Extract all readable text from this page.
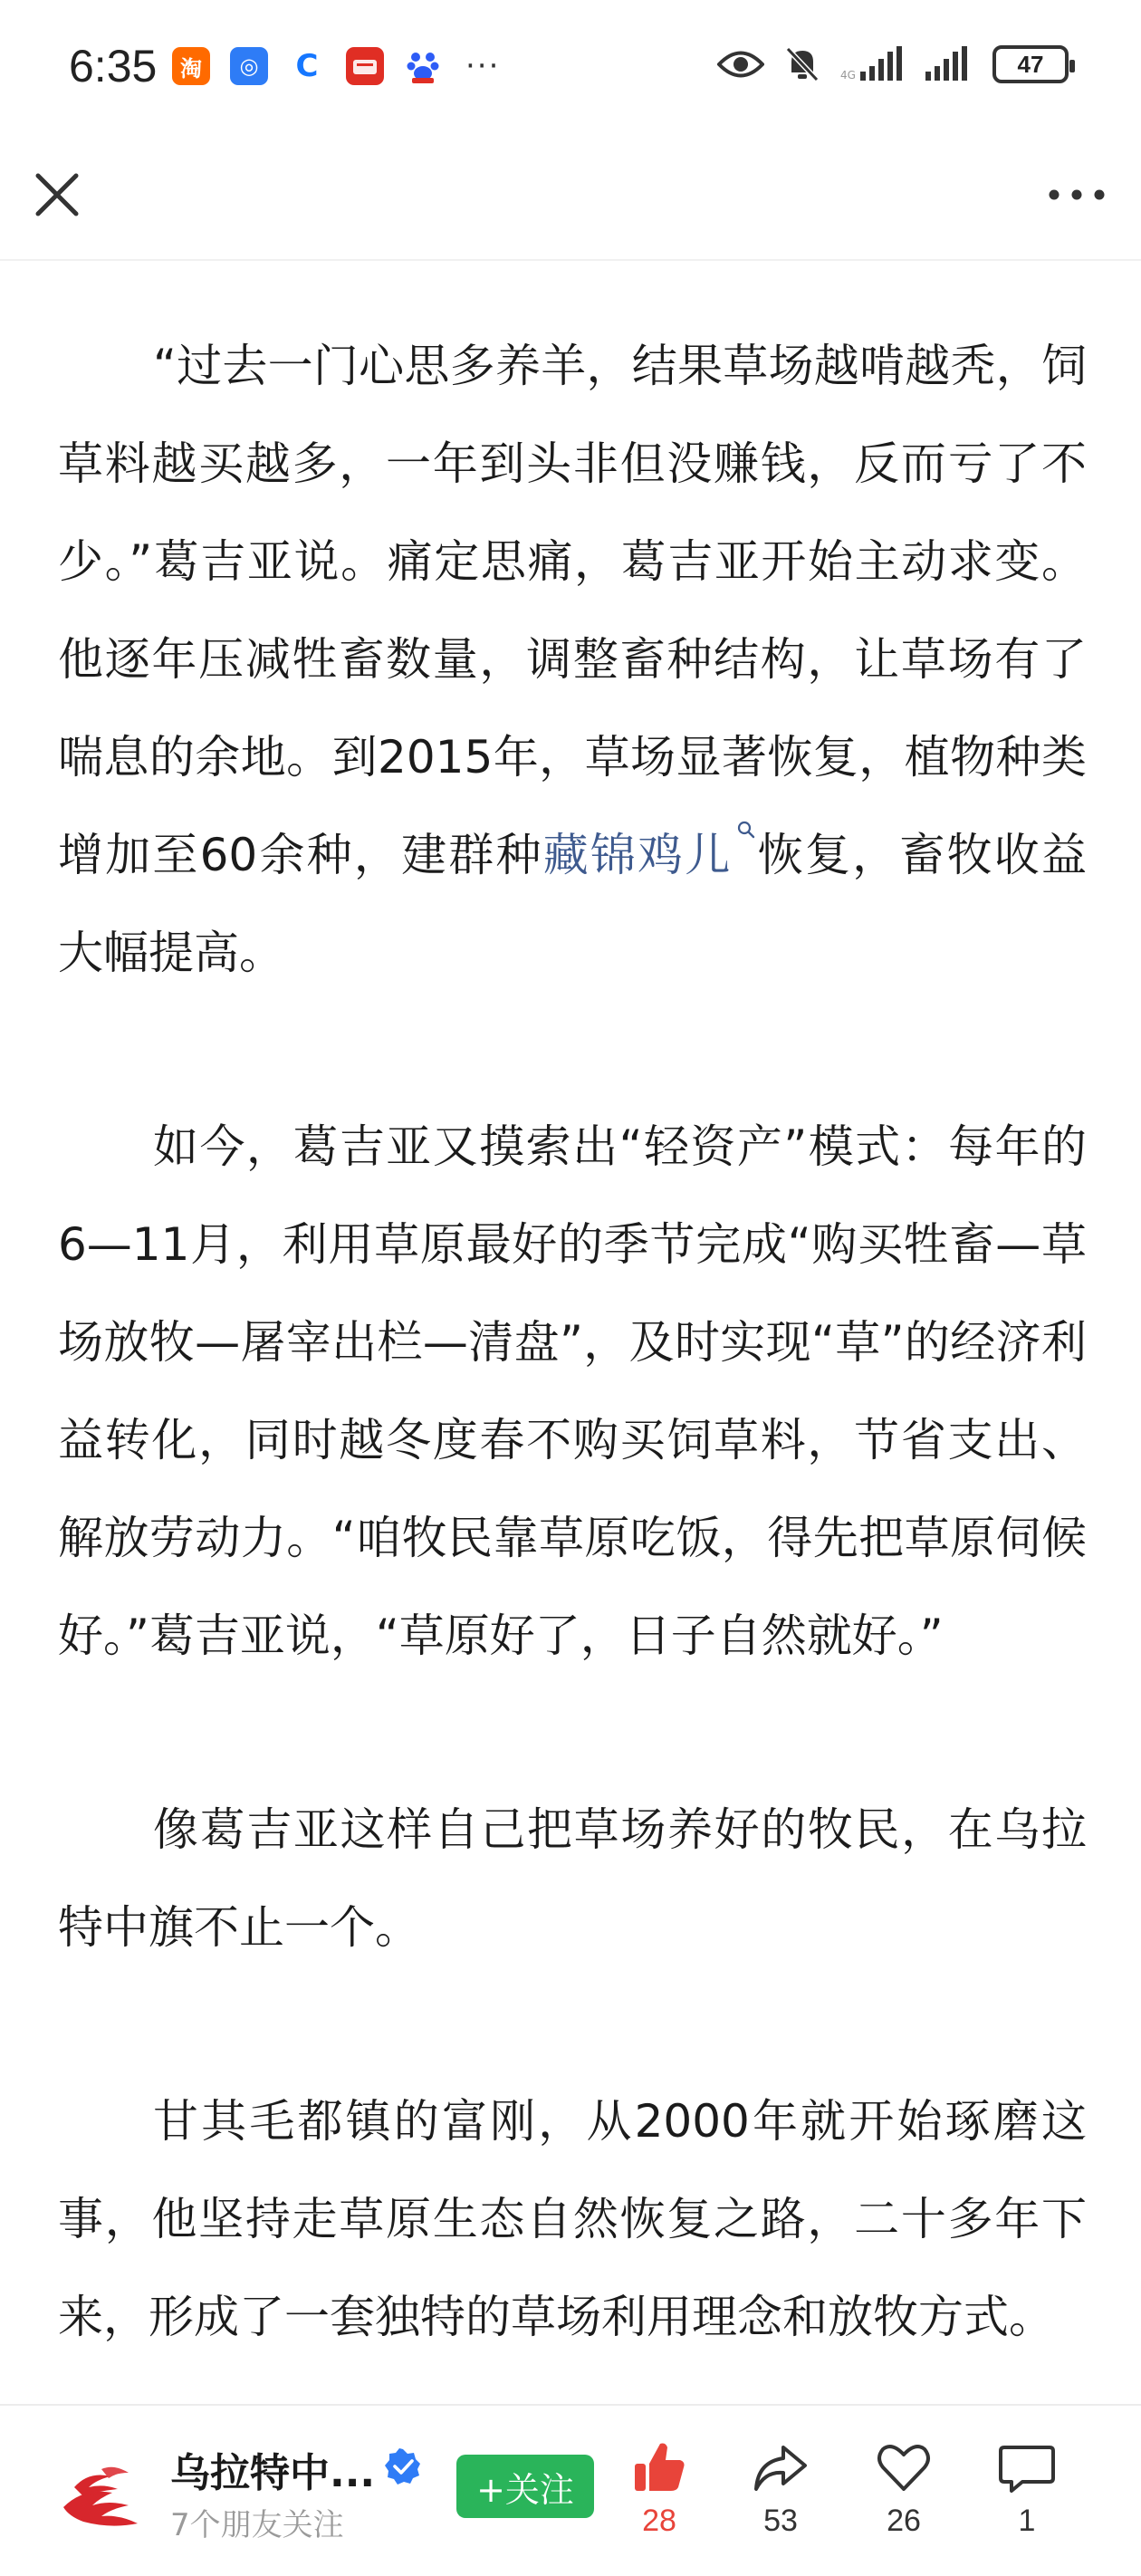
6:35	淘	◎	C	···	4G	47

“过去一门心思多养羊，结果草场越啃越秃，饲草料越买越多，一年到头非但没赚钱，反而亏了不少。”葛吉亚说。痛定思痛，葛吉亚开始主动求变。他逐年压减牲畜数量，调整畜种结构，让草场有了喘息的余地。到2015年，草场显著恢复，植物种类增加至60余种，建群种藏锦鸡儿 恢复，畜牧收益大幅提高。

如今，葛吉亚又摸索出“轻资产”模式：每年的6—11月，利用草原最好的季节完成“购买牲畜—草场放牧—屠宰出栏—清盘”，及时实现“草”的经济利益转化，同时越冬度春不购买饲草料，节省支出、解放劳动力。“咱牧民靠草原吃饭，得先把草原伺候好。”葛吉亚说，“草原好了，日子自然就好。”

像葛吉亚这样自己把草场养好的牧民，在乌拉特中旗不止一个。

甘其毛都镇的富刚，从2000年就开始琢磨这事，他坚持走草原生态自然恢复之路，二十多年下来，形成了一套独特的草场利用理念和放牧方式。

乌拉特中...
7个朋友关注
+关注
28	53	26	1
